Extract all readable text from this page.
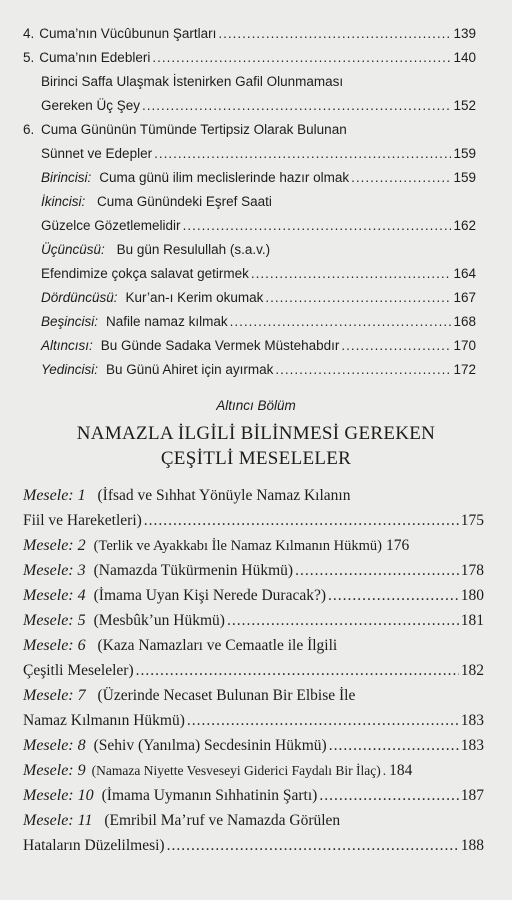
4. Cuma’nın Vücûbunun Şartları .....	139
5. Cuma’nın Edebleri .....	140
Birinci Saffa Ulaşmak İstenirken Gafil Olunmaması
Gereken Üç Şey .....	152
6. Cuma Gününün Tümünde Tertipsiz Olarak Bulunan
Sünnet ve Edepler .....	159
Birincisi: Cuma günü ilim meclislerinde hazır olmak .....	159
İkincisi: Cuma Günündeki Eşref Saati
Güzelce Gözetlemelidir .....	162
Üçüncüsü: Bu gün Resulullah (s.a.v.)
Efendimize çokça salavat getirmek .....	164
Dördüncüsü: Kur’an-ı Kerim okumak .....	167
Beşincisi: Nafile namaz kılmak .....	168
Altıncısı: Bu Günde Sadaka Vermek Müstehabdır .....	170
Yedincisi: Bu Günü Ahiret için ayırmak .....	172
Altıncı Bölüm
NAMAZLA İLGİLİ BİLİNMESİ GEREKEN
ÇEŞİTLİ MESELELER
Mesele: 1 (İfsad ve Sıhhat Yönüyle Namaz Kılanın
Fiil ve Hareketleri) .....	175
Mesele: 2 (Terlik ve Ayakkabı İle Namaz Kılmanın Hükmü) 176
Mesele: 3 (Namazda Tükürmenin Hükmü) .....	178
Mesele: 4 (İmama Uyan Kişi Nerede Duracak?) .....	180
Mesele: 5 (Mesbûk’un Hükmü) .....	181
Mesele: 6 (Kaza Namazları ve Cemaatle ile İlgili
Çeşitli Meseleler) .....	182
Mesele: 7 (Üzerinde Necaset Bulunan Bir Elbise İle
Namaz Kılmanın Hükmü) .....	183
Mesele: 8 (Sehiv (Yanılma) Secdesinin Hükmü) .....	183
Mesele: 9 (Namaza Niyette Vesveseyi Giderici Faydalı Bir İlaç) . 184
Mesele: 10 (İmama Uymanın Sıhhatinin Şartı) .....	187
Mesele: 11 (Emribil Ma’ruf ve Namazda Görülen
Hataların Düzelilmesi) .....	188
